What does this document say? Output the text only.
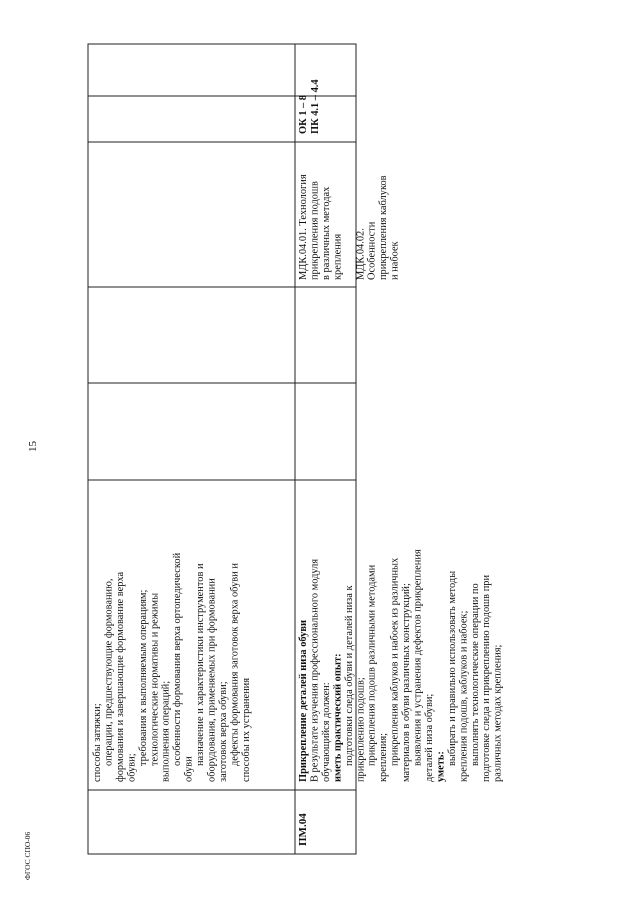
способы затяжки; операции, предшествующие формованию, формования и завершающие формование верха обуви;
требования к выполняемым операциям; технологические нормативы и режимы выполнения операций; особенности формования верха ортопедической
обуви
назначение и характеристики инструментов и оборудования, применяемых при формовании заготовок верха обуви; дефекты формования заготовок верха обуви и способы их устранения	Прикрепление деталей низа обуви В результате изучения профессионального модуля обучающийся должен: иметь практический опыт: подготовки следа обуви и деталей низа к прикреплению подошв; прикрепления подошв различными методами крепления; прикрепления каблуков и набоек из различных материалов в обуви различных конструкций; выявления и устранения дефектов прикрепления деталей низа обуви; уметь:
выбирать и правильно использовать методы крепления подошв, каблуков и набоек; выполнять технологические операции по подготовке следа и прикреплению подошв при различных методах крепления;
МДК.04.01. Технология прикрепления подошв в различных методах крепления МДК.04.02. Особенности прикрепления каблуков и набоек
ОК 1 – 8 ПК 4.1 – 4.4
ПМ.04
15
ФГОС СПО-06
